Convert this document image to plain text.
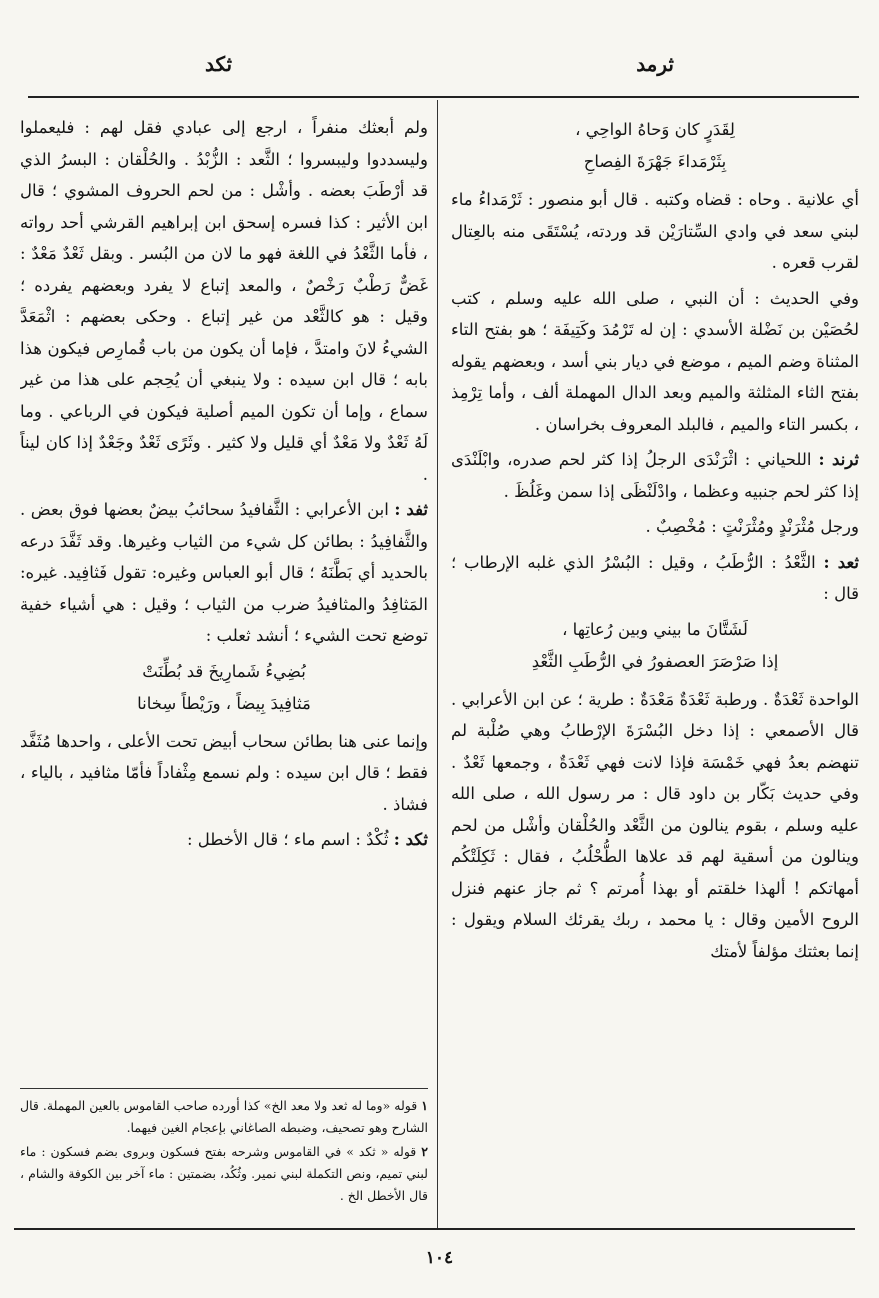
ثرمد
ثكد
لِقَدَرٍ كان وَحاهُ الواحِي ،
بِثَرْمَداءَ جَهْرَةَ الفِصاحِ

أي علانية . وحاه : قضاه وكتبه . قال أبو منصور : ثَرْمَداءُ ماء لبني سعد في وادي السِّتارَيْن قد وردته، يُسْتَقَى منه بالعِتال لقرب قعره .

وفي الحديث : أن النبي ، صلى الله عليه وسلم ، كتب لحُصَيْن بن نَضْلة الأسدي : إن له تَرْمُدَ وكَتِيفَة ؛ هو بفتح التاء المثناة وضم الميم ، موضع في ديار بني أسد ، وبعضهم يقوله بفتح الثاء المثلثة والميم وبعد الدال المهملة ألف ، وأما تِرْمِذ ، بكسر التاء والميم ، فالبلد المعروف بخراسان .

ثرند : اللحياني : اثْرَنْدَى الرجلُ إذا كثر لحم صدره، وابْلَنْدَى إذا كثر لحم جنبيه وعظما ، وادْلَنْظَى إذا سمن وغَلُظَ .

ورجل مُثْرَنْدٍ ومُثْرَنْتٍ : مُخْصِبٌ .

ثعد : الثَّعْدُ : الرُّطَبُ ، وقيل : البُسْرُ الذي غلبه الإرطاب ؛ قال :

لَشَتَّانَ ما بيني وبين رُعاتِها ،
إذا صَرْصَرَ العصفورُ في الرُّطَبِ الثَّعْدِ

الواحدة ثَعْدَةٌ . ورطبة ثَعْدَةٌ مَعْدَةٌ : طرية ؛ عن ابن الأعرابي . قال الأصمعي : إذا دخل البُسْرَةَ الإرْطابُ وهي صُلْبة لم تنهضم بعدُ فهي خَمْسَة فإذا لانت فهي ثَعْدَةٌ ، وجمعها ثَعْدٌ . وفي حديث بَكّار بن داود قال : مر رسول الله ، صلى الله عليه وسلم ، بقوم ينالون من الثَّعْد والحُلْقان وأشْل من لحم وينالون من أسقية لهم قد علاها الطُّحْلُبُ ، فقال : ثَكِلَتْكُم أمهاتكم ! ألهذا خلقتم أو بهذا أُمرتم ؟ ثم جاز عنهم فنزل الروح الأمين وقال : يا محمد ، ربك يقرئك السلام ويقول : إنما بعثتك مؤلفاً لأمتك

ولم أبعثك منفراً ، ارجع إلى عبادي فقل لهم : فليعملوا وليسددوا وليبسروا ؛ الثَّعد : الزُّبْدُ . والحُلْقان : البسرُ الذي قد أرْطَبَ بعضه . وأشْل : من لحم الحروف المشوي ؛ قال ابن الأثير : كذا فسره إسحق ابن إبراهيم القرشي أحد رواته ، فأما الثَّعْدُ في اللغة فهو ما لان من البُسر . وبقل ثَعْدٌ مَعْدٌ : غَضٌّ رَطْبٌ رَخْصٌ ، والمعد إتباع لا يفرد وبعضهم يفرده ؛ وقيل : هو كالثَّعْد من غير إتباع . وحكى بعضهم : اثْمَعَدَّ الشيءُ لانَ وامتدَّ ، فإما أن يكون من باب قُمارِص فيكون هذا بابه ؛ قال ابن سيده : ولا ينبغي أن يُحِجم على هذا من غير سماع ، وإما أن تكون الميم أصلية فيكون في الرباعي . وما لَهُ ثَعْدٌ ولا مَعْدٌ أي قليل ولا كثير . وثَرًى ثَعْدٌ وجَعْدٌ إذا كان ليناً .

ثفد : ابن الأعرابي : الثَّفافيدُ سحائبُ بيضٌ بعضها فوق بعض . والثَّفافِيدُ : بطائن كل شيء من الثياب وغيرها. وقد ثَفَّدَ درعه بالحديد أي بَطَّنَهُ ؛ قال أبو العباس وغيره: تقول فَثافِيد. غيره: المَثافِدُ والمثافيدُ ضرب من الثياب ؛ وقيل : هي أشياء خفية توضع تحت الشيء ؛ أنشد ثعلب :

بُضِيءُ شَمارِيخَ قد بُطِّنَتْ
مَثافِيدَ بِيضاً ، ورَيْطاً سِخانا

وإنما عنى هنا بطائن سحاب أبيض تحت الأعلى ، واحدها مُثَفَّد فقط ؛ قال ابن سيده : ولم نسمع مِثْفاداً فأمّا مثافيد ، بالياء ، فشاذ .

ثكد : ثُكْدٌ : اسم ماء ؛ قال الأخطل :

١ قوله «وما له ثعد ولا معد الخ» كذا أورده صاحب القاموس بالعين المهملة. قال الشارح وهو تصحيف، وضبطه الصاغاني بإعجام الغين فيهما.

٢ قوله « ثكد » في القاموس وشرحه بفتح فسكون وبروى بضم فسكون : ماء لبني تميم، ونص التكملة لبني نمير. وثُكُد، بضمتين : ماء آخر بين الكوفة والشام ، قال الأخطل الخ .

١٠٤
